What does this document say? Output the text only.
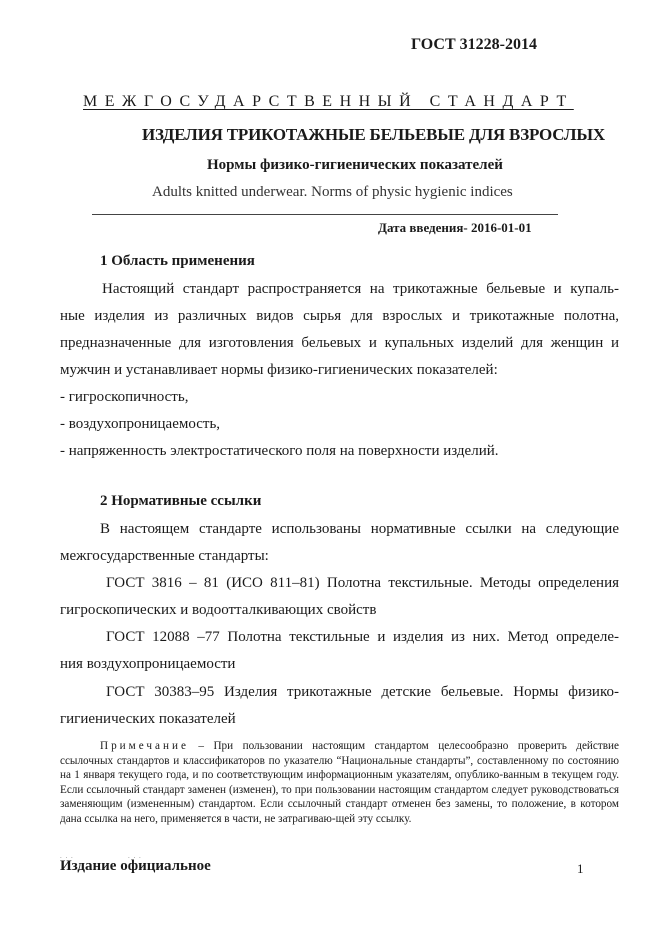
ГОСТ 31228-2014
МЕЖГОСУДАРСТВЕННЫЙ СТАНДАРТ
ИЗДЕЛИЯ ТРИКОТАЖНЫЕ БЕЛЬЕВЫЕ ДЛЯ ВЗРОСЛЫХ
Нормы физико-гигиенических показателей
Adults knitted underwear. Norms of physic hygienic indices
Дата введения- 2016-01-01
1 Область применения
Настоящий стандарт распространяется на трикотажные бельевые и купаль-
ные изделия из различных видов сырья для взрослых и трикотажные полотна,
предназначенные для изготовления бельевых и купальных изделий для женщин и
мужчин и устанавливает нормы физико-гигиенических показателей:
- гигроскопичность,
- воздухопроницаемость,
- напряженность электростатического поля на поверхности изделий.
2 Нормативные ссылки
В настоящем стандарте использованы нормативные ссылки на следующие
межгосударственные стандарты:
ГОСТ 3816 – 81 (ИСО 811–81) Полотна текстильные. Методы определения
гигроскопических и водоотталкивающих свойств
ГОСТ 12088 –77 Полотна текстильные и изделия из них. Метод определе-
ния воздухопроницаемости
ГОСТ 30383–95 Изделия трикотажные детские бельевые. Нормы физико-
гигиенических показателей

Примечание – При пользовании настоящим стандартом целесообразно проверить действие ссылочных стандартов и классификаторов по указателю “Национальные стандарты”, составленному по состоянию на 1 января текущего года, и по соответствующим информационным указателям, опублико-ванным в текущем году. Если ссылочный стандарт заменен (изменен), то при пользовании настоящим стандартом следует руководствоваться заменяющим (измененным) стандартом. Если ссылочный стандарт отменен без замены, то положение, в котором дана ссылка на него, применяется в части, не затрагиваю-щей эту ссылку.

. . .	. . .
Издание официальное	1
